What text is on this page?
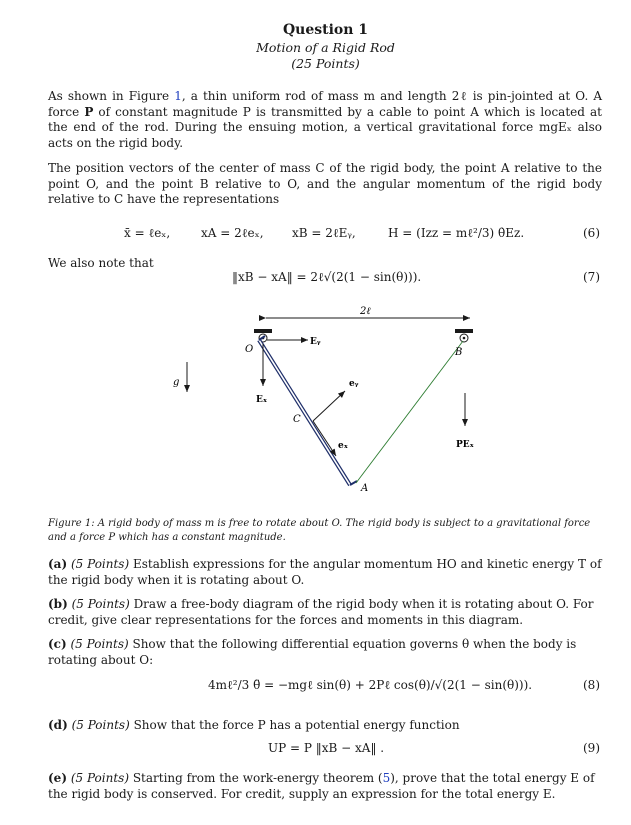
Question 1
Motion of a Rigid Rod
(25 Points)
As shown in Figure 1, a thin uniform rod of mass m and length 2ℓ is pin-jointed at O. A force P of constant magnitude P is transmitted by a cable to point A which is located at the end of the rod. During the ensuing motion, a vertical gravitational force mgEₓ also acts on the rigid body.
The position vectors of the center of mass C of the rigid body, the point A relative to the point O, and the point B relative to O, and the angular momentum of the rigid body relative to C have the representations
x̄ = ℓeₓ,	xA = 2ℓeₓ, xB = 2ℓEᵧ,	H = (Izz = mℓ²/3) θ̇Ez.	(6)
We also note that
‖xB − xA‖ = 2ℓ√(2(1 − sin(θ))).	(7)
2ℓ
Eᵧ
Eₓ
O	B
g	eᵧ
eₓ
C
A
PEₓ
Figure 1: A rigid body of mass m is free to rotate about O. The rigid body is subject to a gravitational force and a force P which has a constant magnitude.
(a) (5 Points) Establish expressions for the angular momentum HO and kinetic energy T of the rigid body when it is rotating about O.
(b) (5 Points) Draw a free-body diagram of the rigid body when it is rotating about O. For credit, give clear representations for the forces and moments in this diagram.
(c) (5 Points) Show that the following differential equation governs θ when the body is rotating about O:
4mℓ²/3 θ̈ = −mgℓ sin(θ) + 2Pℓ cos(θ)/√(2(1 − sin(θ))).	(8)
(d) (5 Points) Show that the force P has a potential energy function
UP = P ‖xB − xA‖ .	(9)
(e) (5 Points) Starting from the work-energy theorem (5), prove that the total energy E of the rigid body is conserved. For credit, supply an expression for the total energy E.
